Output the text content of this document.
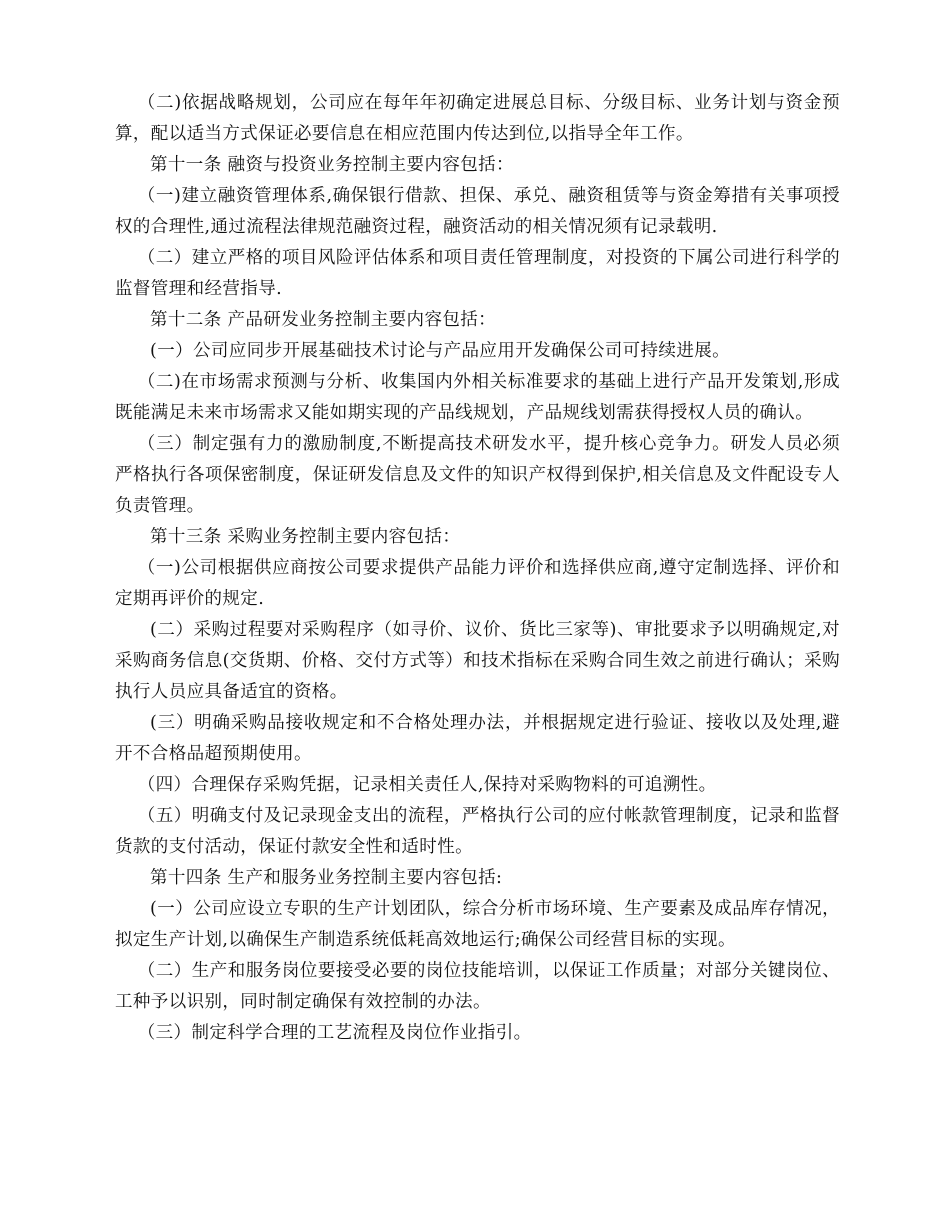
（二)依据战略规划，公司应在每年年初确定进展总目标、分级目标、业务计划与资金预算，配以适当方式保证必要信息在相应范围内传达到位,以指导全年工作。

第十一条 融资与投资业务控制主要内容包括：

（一)建立融资管理体系,确保银行借款、担保、承兑、融资租赁等与资金筹措有关事项授权的合理性,通过流程法律规范融资过程，融资活动的相关情况须有记录载明.

（二）建立严格的项目风险评估体系和项目责任管理制度，对投资的下属公司进行科学的监督管理和经营指导.

第十二条 产品研发业务控制主要内容包括：

(一）公司应同步开展基础技术讨论与产品应用开发确保公司可持续进展。

（二)在市场需求预测与分析、收集国内外相关标准要求的基础上进行产品开发策划,形成既能满足未来市场需求又能如期实现的产品线规划，产品规线划需获得授权人员的确认。

（三）制定强有力的激励制度,不断提高技术研发水平，提升核心竞争力。研发人员必须严格执行各项保密制度，保证研发信息及文件的知识产权得到保护,相关信息及文件配设专人负责管理。

第十三条 采购业务控制主要内容包括：

（一)公司根据供应商按公司要求提供产品能力评价和选择供应商,遵守定制选择、评价和定期再评价的规定.

(二）采购过程要对采购程序（如寻价、议价、货比三家等)、审批要求予以明确规定,对采购商务信息(交货期、价格、交付方式等）和技术指标在采购合同生效之前进行确认；采购执行人员应具备适宜的资格。

(三）明确采购品接收规定和不合格处理办法，并根据规定进行验证、接收以及处理,避开不合格品超预期使用。

（四）合理保存采购凭据，记录相关责任人,保持对采购物料的可追溯性。

（五）明确支付及记录现金支出的流程，严格执行公司的应付帐款管理制度，记录和监督货款的支付活动，保证付款安全性和适时性。

第十四条 生产和服务业务控制主要内容包括:

(一）公司应设立专职的生产计划团队，综合分析市场环境、生产要素及成品库存情况，拟定生产计划,以确保生产制造系统低耗高效地运行;确保公司经营目标的实现。

（二）生产和服务岗位要接受必要的岗位技能培训，以保证工作质量；对部分关键岗位、工种予以识别，同时制定确保有效控制的办法。

（三）制定科学合理的工艺流程及岗位作业指引。
